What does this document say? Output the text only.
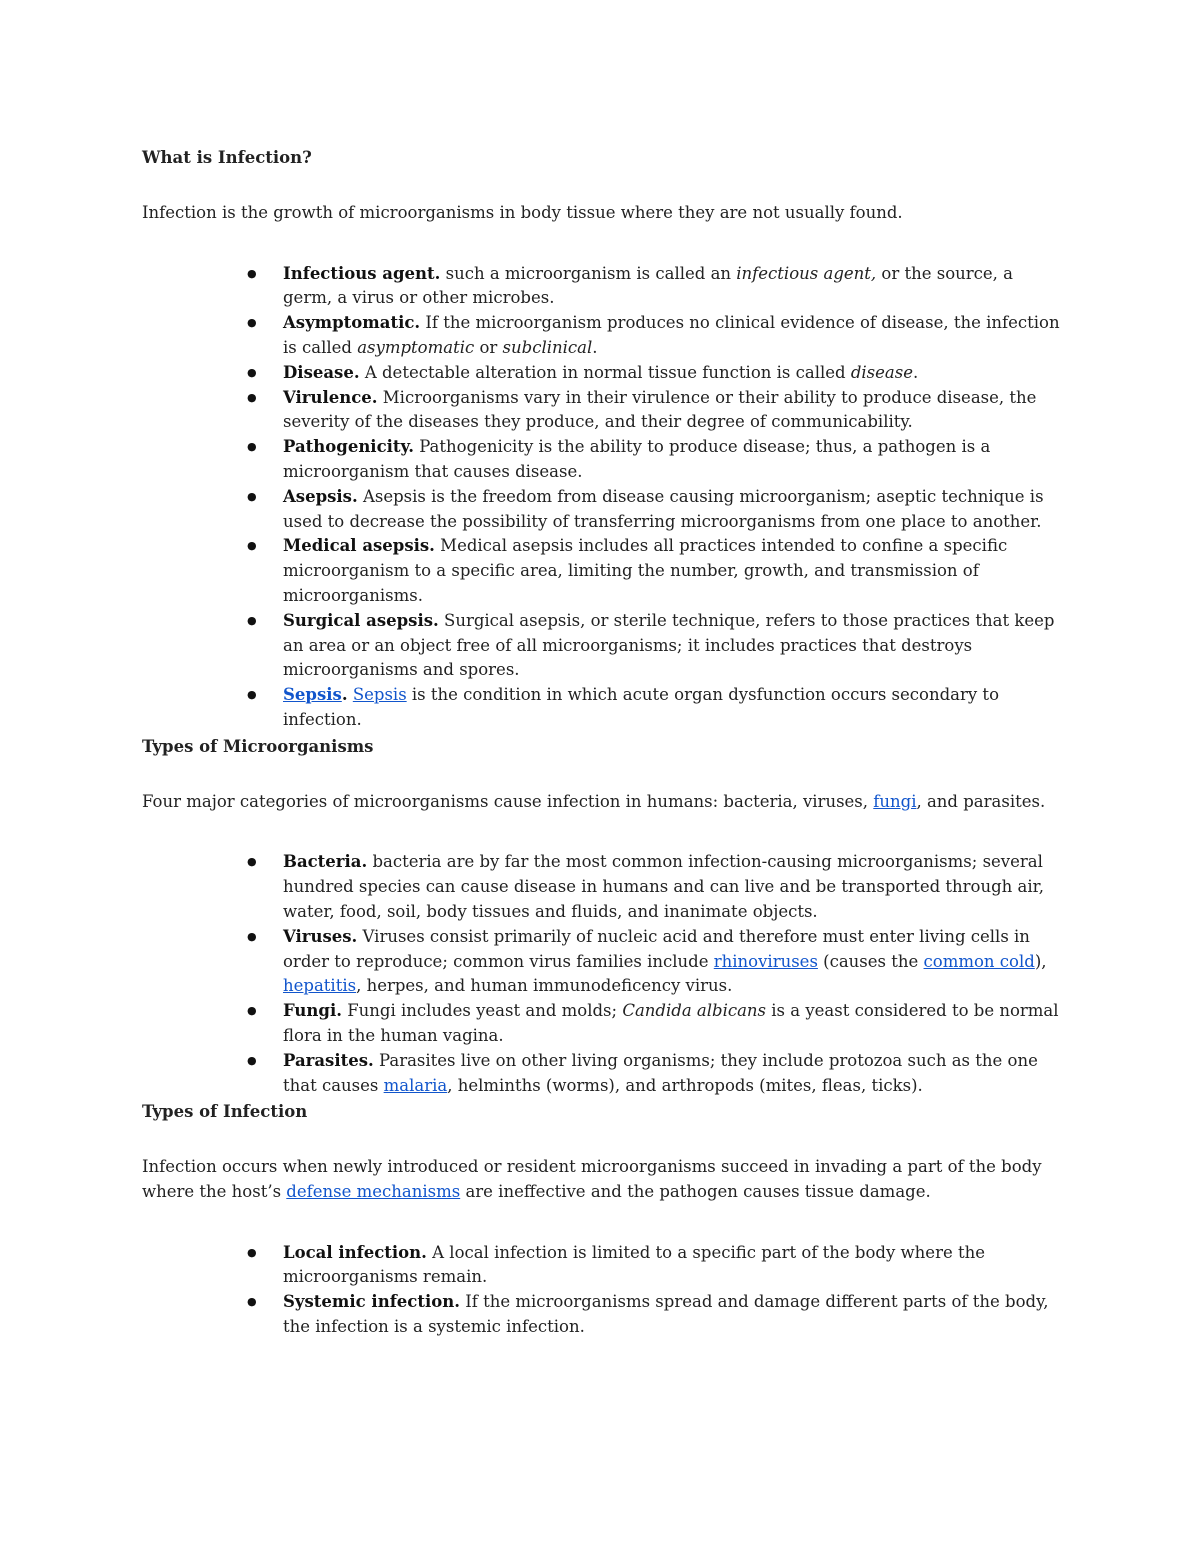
What is Infection?

Infection is the growth of microorganisms in body tissue where they are not usually found.

● Infectious agent. such a microorganism is called an infectious agent, or the source, a germ, a virus or other microbes.
● Asymptomatic. If the microorganism produces no clinical evidence of disease, the infection is called asymptomatic or subclinical.
● Disease. A detectable alteration in normal tissue function is called disease.
● Virulence. Microorganisms vary in their virulence or their ability to produce disease, the severity of the diseases they produce, and their degree of communicability.
● Pathogenicity. Pathogenicity is the ability to produce disease; thus, a pathogen is a microorganism that causes disease.
● Asepsis. Asepsis is the freedom from disease causing microorganism; aseptic technique is used to decrease the possibility of transferring microorganisms from one place to another.
● Medical asepsis. Medical asepsis includes all practices intended to confine a specific microorganism to a specific area, limiting the number, growth, and transmission of microorganisms.
● Surgical asepsis. Surgical asepsis, or sterile technique, refers to those practices that keep an area or an object free of all microorganisms; it includes practices that destroys microorganisms and spores.
● Sepsis. Sepsis is the condition in which acute organ dysfunction occurs secondary to infection.

Types of Microorganisms

Four major categories of microorganisms cause infection in humans: bacteria, viruses, fungi, and parasites.

● Bacteria. bacteria are by far the most common infection-causing microorganisms; several hundred species can cause disease in humans and can live and be transported through air, water, food, soil, body tissues and fluids, and inanimate objects.
● Viruses. Viruses consist primarily of nucleic acid and therefore must enter living cells in order to reproduce; common virus families include rhinoviruses (causes the common cold), hepatitis, herpes, and human immunodeficency virus.
● Fungi. Fungi includes yeast and molds; Candida albicans is a yeast considered to be normal flora in the human vagina.
● Parasites. Parasites live on other living organisms; they include protozoa such as the one that causes malaria, helminths (worms), and arthropods (mites, fleas, ticks).

Types of Infection

Infection occurs when newly introduced or resident microorganisms succeed in invading a part of the body where the host’s defense mechanisms are ineffective and the pathogen causes tissue damage.

● Local infection. A local infection is limited to a specific part of the body where the microorganisms remain.
● Systemic infection. If the microorganisms spread and damage different parts of the body, the infection is a systemic infection.
